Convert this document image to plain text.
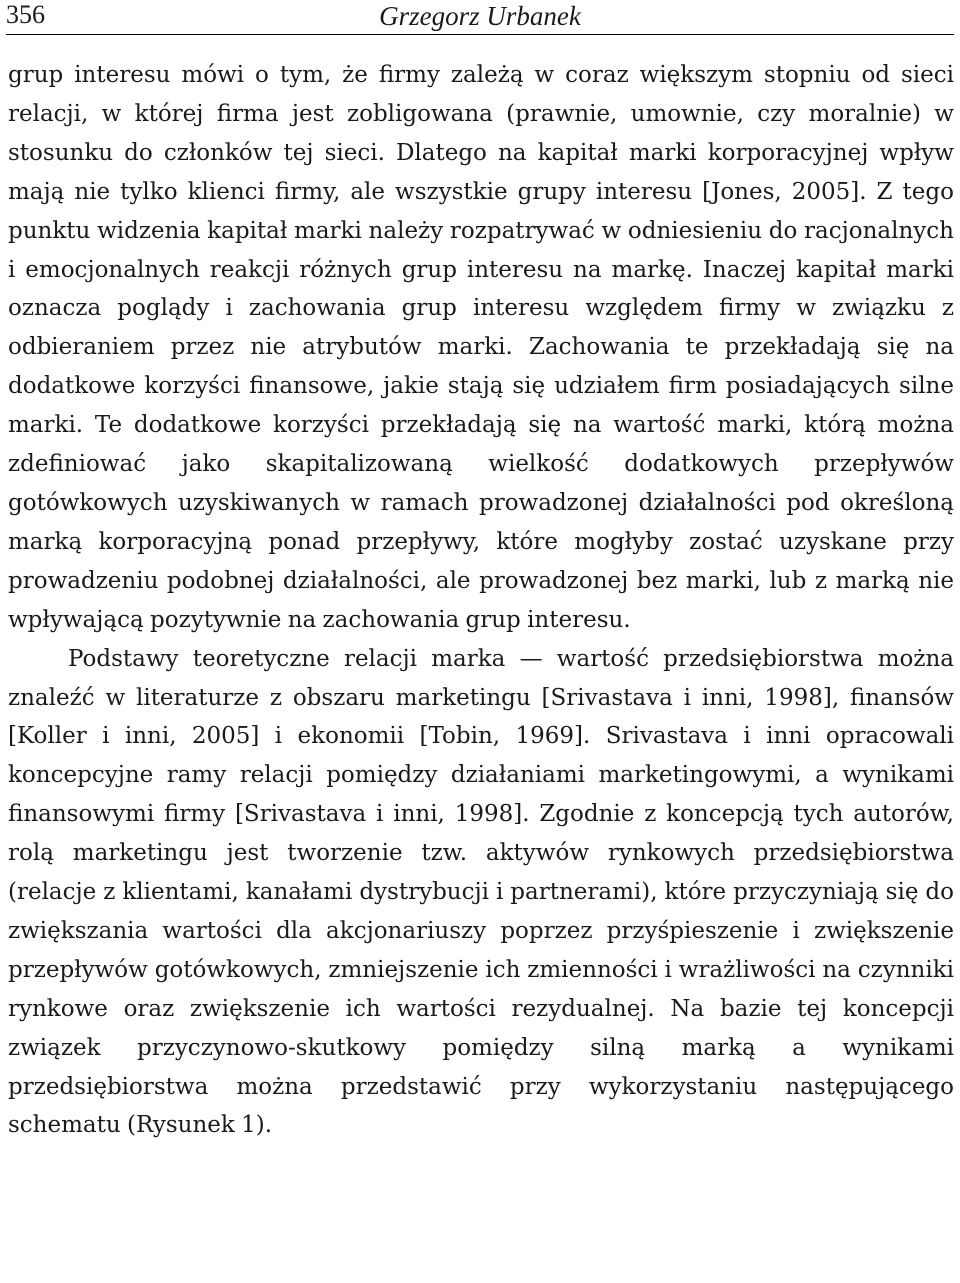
356	Grzegorz Urbanek

grup interesu mówi o tym, że firmy zależą w coraz większym stopniu od sieci relacji, w której firma jest zobligowana (prawnie, umownie, czy moralnie) w stosunku do członków tej sieci. Dlatego na kapitał marki korporacyjnej wpływ mają nie tylko klienci firmy, ale wszystkie grupy interesu [Jones, 2005]. Z tego punktu widzenia kapitał marki należy rozpatrywać w odniesieniu do racjonalnych i emocjonalnych reakcji różnych grup interesu na markę. Inaczej kapitał marki oznacza poglądy i zachowania grup interesu względem firmy w związku z odbieraniem przez nie atrybutów marki. Zachowania te przekładają się na dodatkowe korzyści finansowe, jakie stają się udziałem firm posiadających silne marki. Te dodatkowe korzyści przekładają się na wartość marki, którą można zdefiniować jako skapitalizowaną wielkość dodatkowych przepływów gotówkowych uzyskiwanych w ramach prowadzonej działalności pod określoną marką korporacyjną ponad przepływy, które mogłyby zostać uzyskane przy prowadzeniu podobnej działalności, ale prowadzonej bez marki, lub z marką nie wpływającą pozytywnie na zachowania grup interesu.

Podstawy teoretyczne relacji marka — wartość przedsiębiorstwa można znaleźć w literaturze z obszaru marketingu [Srivastava i inni, 1998], finansów [Koller i inni, 2005] i ekonomii [Tobin, 1969]. Srivastava i inni opracowali koncepcyjne ramy relacji pomiędzy działaniami marketingowymi, a wynikami finansowymi firmy [Srivastava i inni, 1998]. Zgodnie z koncepcją tych autorów, rolą marketingu jest tworzenie tzw. aktywów rynkowych przedsiębiorstwa (relacje z klientami, kanałami dystrybucji i partnerami), które przyczyniają się do zwiększania wartości dla akcjonariuszy poprzez przyśpieszenie i zwiększenie przepływów gotówkowych, zmniejszenie ich zmienności i wrażliwości na czynniki rynkowe oraz zwiększenie ich wartości rezydualnej. Na bazie tej koncepcji związek przyczynowo-skutkowy pomiędzy silną marką a wynikami przedsiębiorstwa można przedstawić przy wykorzystaniu następującego schematu (Rysunek 1).
